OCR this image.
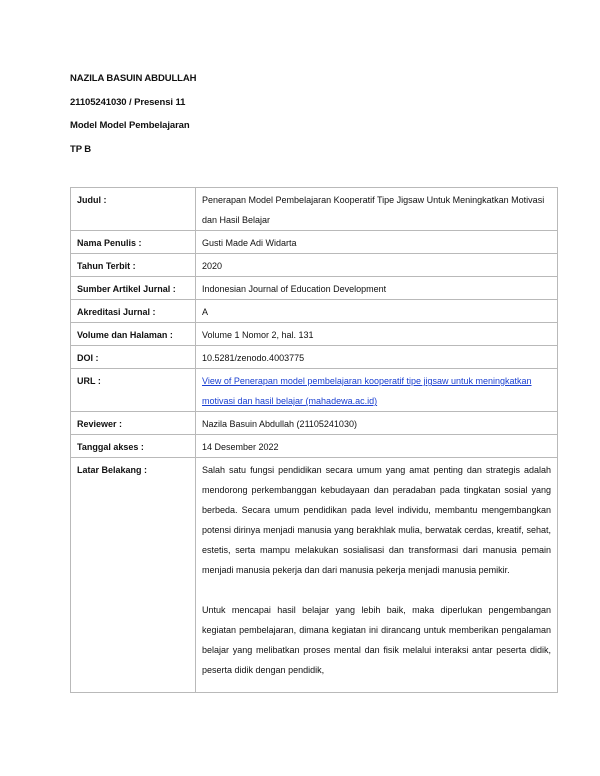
NAZILA BASUIN ABDULLAH
21105241030 / Presensi 11
Model Model Pembelajaran
TP B
Judul :	Penerapan Model Pembelajaran Kooperatif Tipe Jigsaw Untuk Meningkatkan Motivasi dan Hasil Belajar
Nama Penulis :	Gusti Made Adi Widarta
Tahun Terbit :	2020
Sumber Artikel Jurnal :	Indonesian Journal of Education Development
Akreditasi Jurnal :	A
Volume dan Halaman :	Volume 1 Nomor 2, hal. 131
DOI :	10.5281/zenodo.4003775
URL :	View of Penerapan model pembelajaran kooperatif tipe jigsaw untuk meningkatkan motivasi dan hasil belajar (mahadewa.ac.id)
Reviewer :	Nazila Basuin Abdullah (21105241030)
Tanggal akses :	14 Desember 2022
Latar Belakang :	Salah satu fungsi pendidikan secara umum yang amat penting dan strategis adalah mendorong perkembanggan kebudayaan dan peradaban pada tingkatan sosial yang berbeda. Secara umum pendidikan pada level individu, membantu mengembangkan potensi dirinya menjadi manusia yang berakhlak mulia, berwatak cerdas, kreatif, sehat, estetis, serta mampu melakukan sosialisasi dan transformasi dari manusia pemain menjadi manusia pekerja dan dari manusia pekerja menjadi manusia pemikir.

Untuk mencapai hasil belajar yang lebih baik, maka diperlukan pengembangan kegiatan pembelajaran, dimana kegiatan ini dirancang untuk memberikan pengalaman belajar yang melibatkan proses mental dan fisik melalui interaksi antar peserta didik, peserta didik dengan pendidik,
